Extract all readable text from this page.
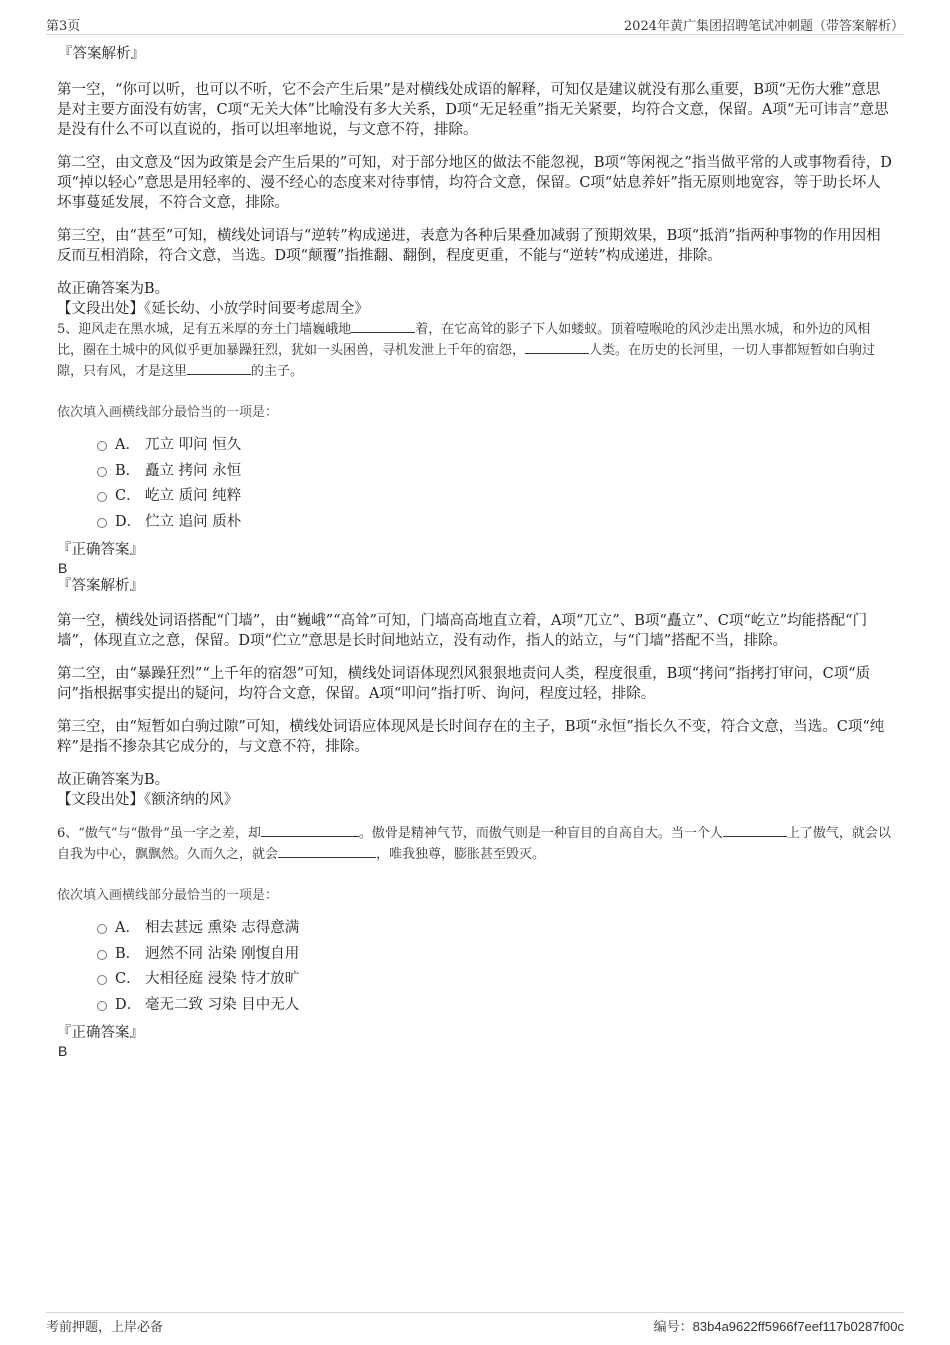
第3页	2024年黄广集团招聘笔试冲刺题（带答案解析）
『答案解析』

第一空，“你可以听，也可以不听，它不会产生后果”是对横线处成语的解释，可知仅是建议就没有那么重要，B项“无伤大雅”意思是对主要方面没有妨害，C项“无关大体”比喻没有多大关系，D项“无足轻重”指无关紧要，均符合文意，保留。A项“无可讳言”意思是没有什么不可以直说的，指可以坦率地说，与文意不符，排除。

第二空，由文意及“因为政策是会产生后果的”可知，对于部分地区的做法不能忽视，B项“等闲视之”指当做平常的人或事物看待，D项“掉以轻心”意思是用轻率的、漫不经心的态度来对待事情，均符合文意，保留。C项“姑息养奸”指无原则地宽容，等于助长坏人坏事蔓延发展，不符合文意，排除。

第三空，由“甚至”可知，横线处词语与“逆转”构成递进，表意为各种后果叠加减弱了预期效果，B项“抵消”指两种事物的作用因相反而互相消除，符合文意，当选。D项“颠覆”指推翻、翻倒，程度更重，不能与“逆转”构成递进，排除。

故正确答案为B。

【文段出处】《延长幼、小放学时间要考虑周全》

5、迎风走在黑水城，足有五米厚的夯土门墙巍峨地	着，在它高耸的影子下人如蝼蚁。顶着噎喉呛的风沙走出黑水城，和外边的风相比，圈在土城中的风似乎更加暴躁狂烈，犹如一头困兽，寻机发泄上千年的宿怨，	人类。在历史的长河里，一切人事都短暂如白驹过隙，只有风，才是这里	的主子。

依次填入画横线部分最恰当的一项是：

A． 兀立 叩问 恒久
B． 矗立 拷问 永恒
C． 屹立 质问 纯粹
D． 伫立 追问 质朴
『正确答案』
B
『答案解析』

第一空，横线处词语搭配“门墙”，由“巍峨”“高耸”可知，门墙高高地直立着，A项“兀立”、B项“矗立”、C项“屹立”均能搭配“门墙”，体现直立之意，保留。D项“伫立”意思是长时间地站立，没有动作，指人的站立，与“门墙”搭配不当，排除。

第二空，由“暴躁狂烈”“上千年的宿怨”可知，横线处词语体现烈风狠狠地责问人类，程度很重，B项“拷问”指拷打审问，C项“质问”指根据事实提出的疑问，均符合文意，保留。A项“叩问”指打听、询问，程度过轻，排除。

第三空，由“短暂如白驹过隙”可知，横线处词语应体现风是长时间存在的主子，B项“永恒”指长久不变，符合文意，当选。C项“纯粹”是指不掺杂其它成分的，与文意不符，排除。

故正确答案为B。

【文段出处】《额济纳的风》

6、“傲气”与“傲骨”虽一字之差，却	。傲骨是精神气节，而傲气则是一种盲目的自高自大。当一个人	上了傲气，就会以自我为中心，飘飘然。久而久之，就会	，唯我独尊，膨胀甚至毁灭。

依次填入画横线部分最恰当的一项是：

A． 相去甚远 熏染 志得意满
B． 迥然不同 沾染 刚愎自用
C． 大相径庭 浸染 恃才放旷
D． 毫无二致 习染 目中无人
『正确答案』
B
考前押题，上岸必备	编号：83b4a9622ff5966f7eef117b0287f00c
